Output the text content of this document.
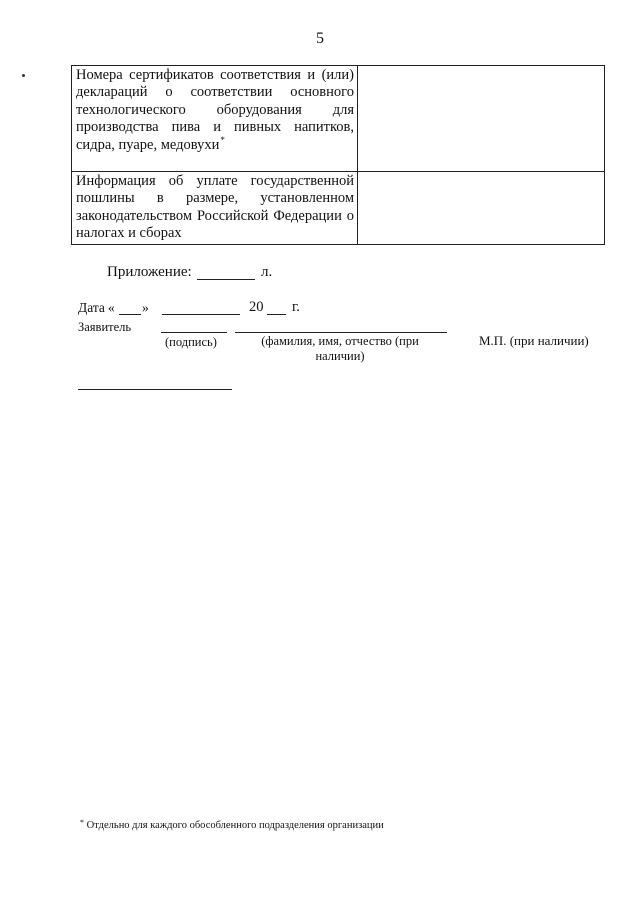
5
Номера сертификатов соответствия и (или) деклараций о соответствии основного технологического оборудования для производства пива и пивных напитков, сидра, пуаре, медовухи*	
Информация об уплате государственной пошлины в размере, установленном законодательством Российской Федерации о налогах и сборах	
Приложение:	л.
Дата « »	20 г.
Заявитель
(подпись)	(фамилия, имя, отчество (при наличии)
М.П. (при наличии)
* Отдельно для каждого обособленного подразделения организации
